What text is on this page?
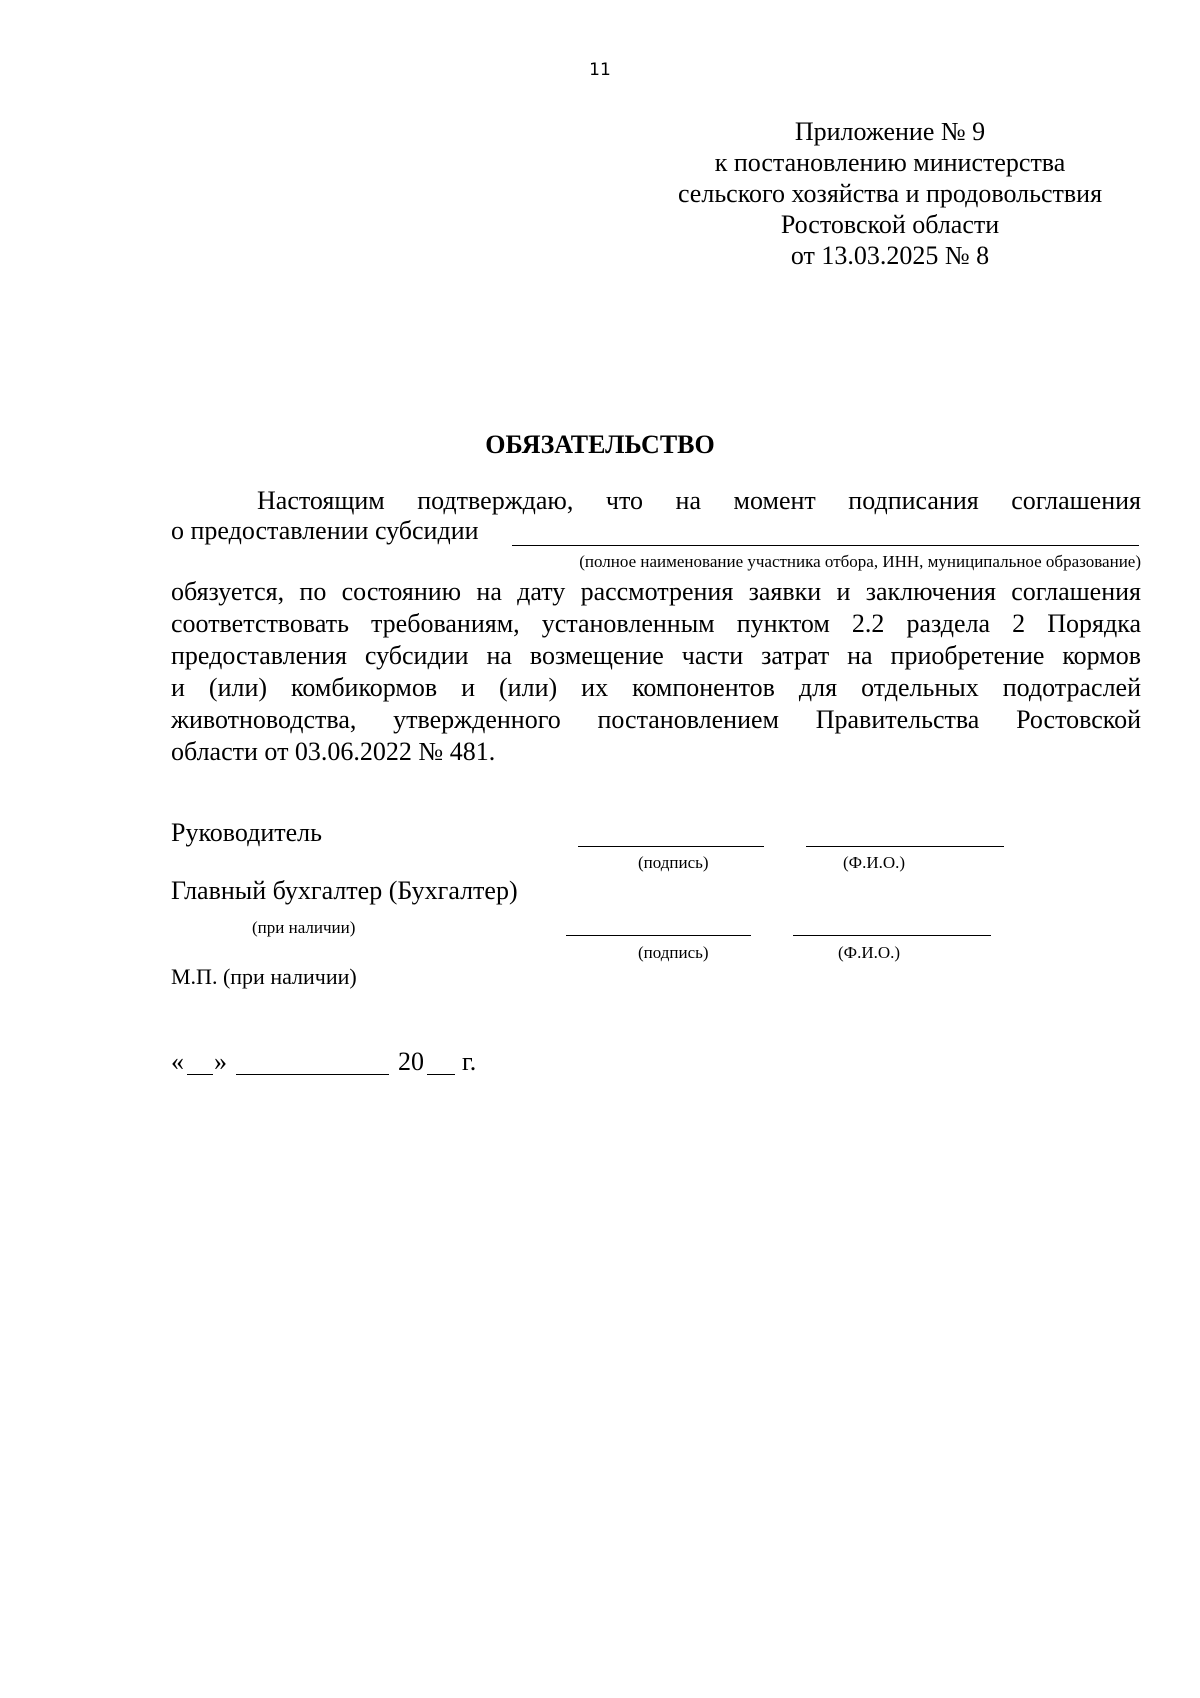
11
Приложение № 9
к постановлению министерства
сельского хозяйства и продовольствия
Ростовской области
от 13.03.2025 № 8
ОБЯЗАТЕЛЬСТВО
Настоящим подтверждаю, что на момент подписания соглашения
о предоставлении субсидии
(полное наименование участника отбора, ИНН, муниципальное образование)
обязуется, по состоянию на дату рассмотрения заявки и заключения соглашения
соответствовать требованиям, установленным пунктом 2.2 раздела 2 Порядка
предоставления субсидии на возмещение части затрат на приобретение кормов
и (или) комбикормов и (или) их компонентов для отдельных подотраслей
животноводства, утвержденного постановлением Правительства Ростовской
области от 03.06.2022 № 481.
Руководитель
(подпись)	(Ф.И.О.)
Главный бухгалтер (Бухгалтер)
(при наличии)
(подпись)	(Ф.И.О.)
М.П. (при наличии)
« »	20 г.
